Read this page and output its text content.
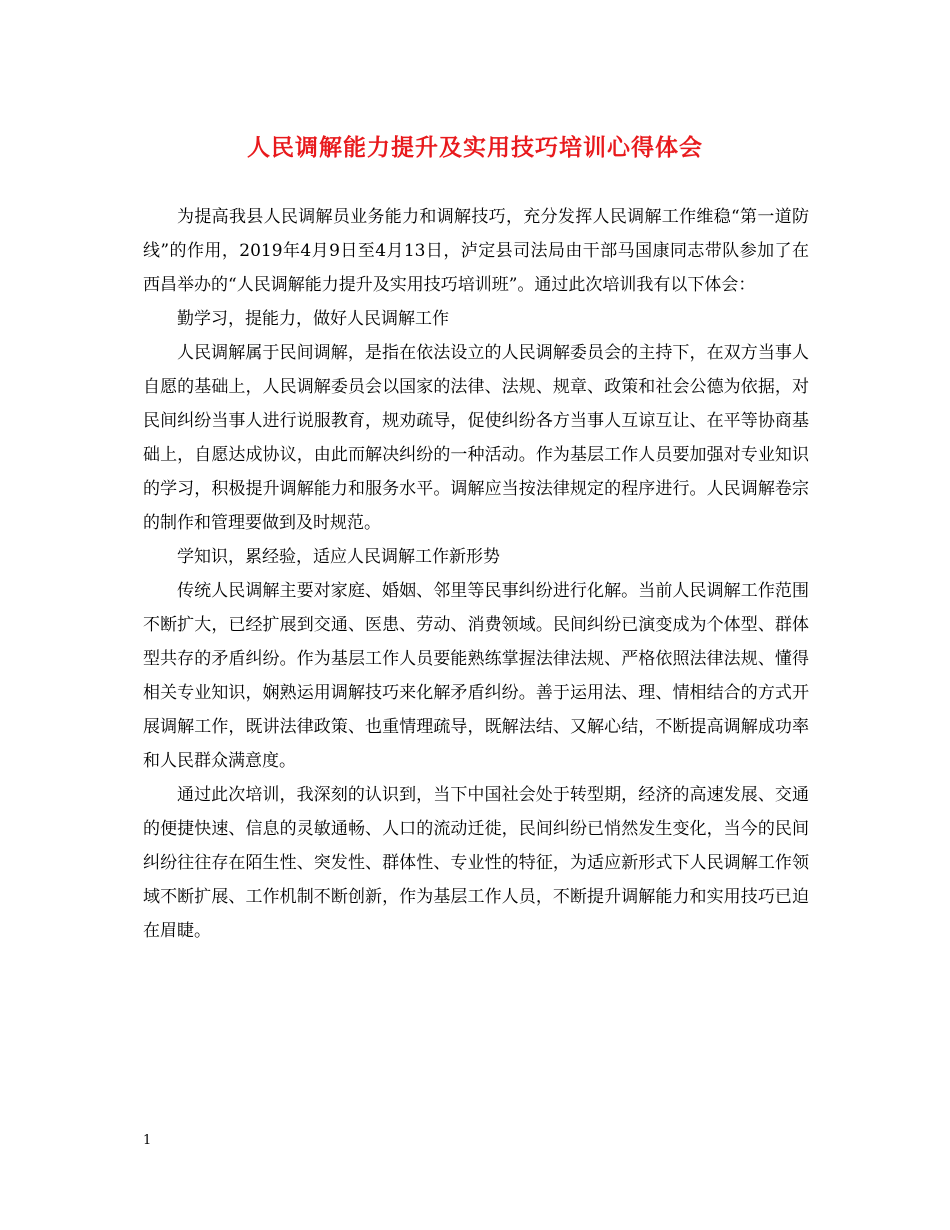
人民调解能力提升及实用技巧培训心得体会

为提高我县人民调解员业务能力和调解技巧，充分发挥人民调解工作维稳“第一道防线”的作用，2019年4月9日至4月13日，泸定县司法局由干部马国康同志带队参加了在西昌举办的“人民调解能力提升及实用技巧培训班”。通过此次培训我有以下体会：

勤学习，提能力，做好人民调解工作

人民调解属于民间调解，是指在依法设立的人民调解委员会的主持下，在双方当事人自愿的基础上，人民调解委员会以国家的法律、法规、规章、政策和社会公德为依据，对民间纠纷当事人进行说服教育，规劝疏导，促使纠纷各方当事人互谅互让、在平等协商基础上，自愿达成协议，由此而解决纠纷的一种活动。作为基层工作人员要加强对专业知识的学习，积极提升调解能力和服务水平。调解应当按法律规定的程序进行。人民调解卷宗的制作和管理要做到及时规范。

学知识，累经验，适应人民调解工作新形势

传统人民调解主要对家庭、婚姻、邻里等民事纠纷进行化解。当前人民调解工作范围不断扩大，已经扩展到交通、医患、劳动、消费领域。民间纠纷已演变成为个体型、群体型共存的矛盾纠纷。作为基层工作人员要能熟练掌握法律法规、严格依照法律法规、懂得相关专业知识，娴熟运用调解技巧来化解矛盾纠纷。善于运用法、理、情相结合的方式开展调解工作，既讲法律政策、也重情理疏导，既解法结、又解心结，不断提高调解成功率和人民群众满意度。

通过此次培训，我深刻的认识到，当下中国社会处于转型期，经济的高速发展、交通的便捷快速、信息的灵敏通畅、人口的流动迁徙，民间纠纷已悄然发生变化，当今的民间纠纷往往存在陌生性、突发性、群体性、专业性的特征，为适应新形式下人民调解工作领域不断扩展、工作机制不断创新，作为基层工作人员，不断提升调解能力和实用技巧已迫在眉睫。

1
